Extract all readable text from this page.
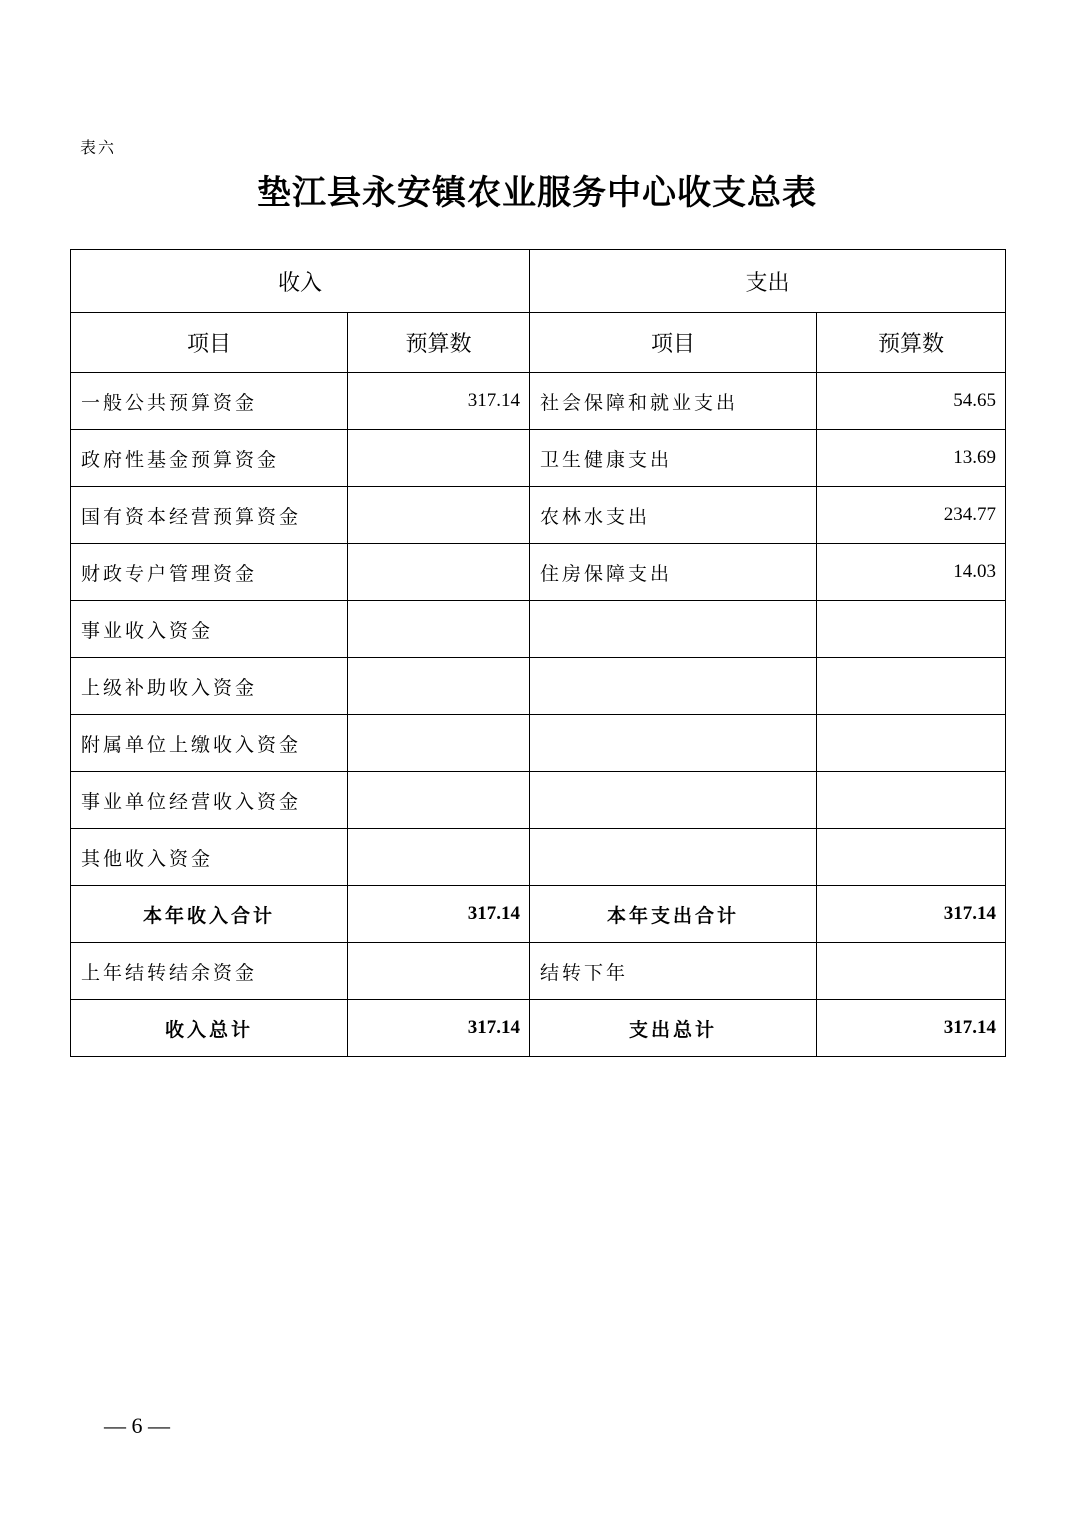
表六
垫江县永安镇农业服务中心收支总表
收入		支出	
项目	预算数	项目	预算数
一般公共预算资金	317.14	社会保障和就业支出	54.65
政府性基金预算资金		卫生健康支出	13.69
国有资本经营预算资金		农林水支出	234.77
财政专户管理资金		住房保障支出	14.03
事业收入资金			
上级补助收入资金			
附属单位上缴收入资金			
事业单位经营收入资金			
其他收入资金			
本年收入合计	317.14	本年支出合计	317.14
上年结转结余资金		结转下年	
收入总计	317.14	支出总计	317.14
— 6 —
